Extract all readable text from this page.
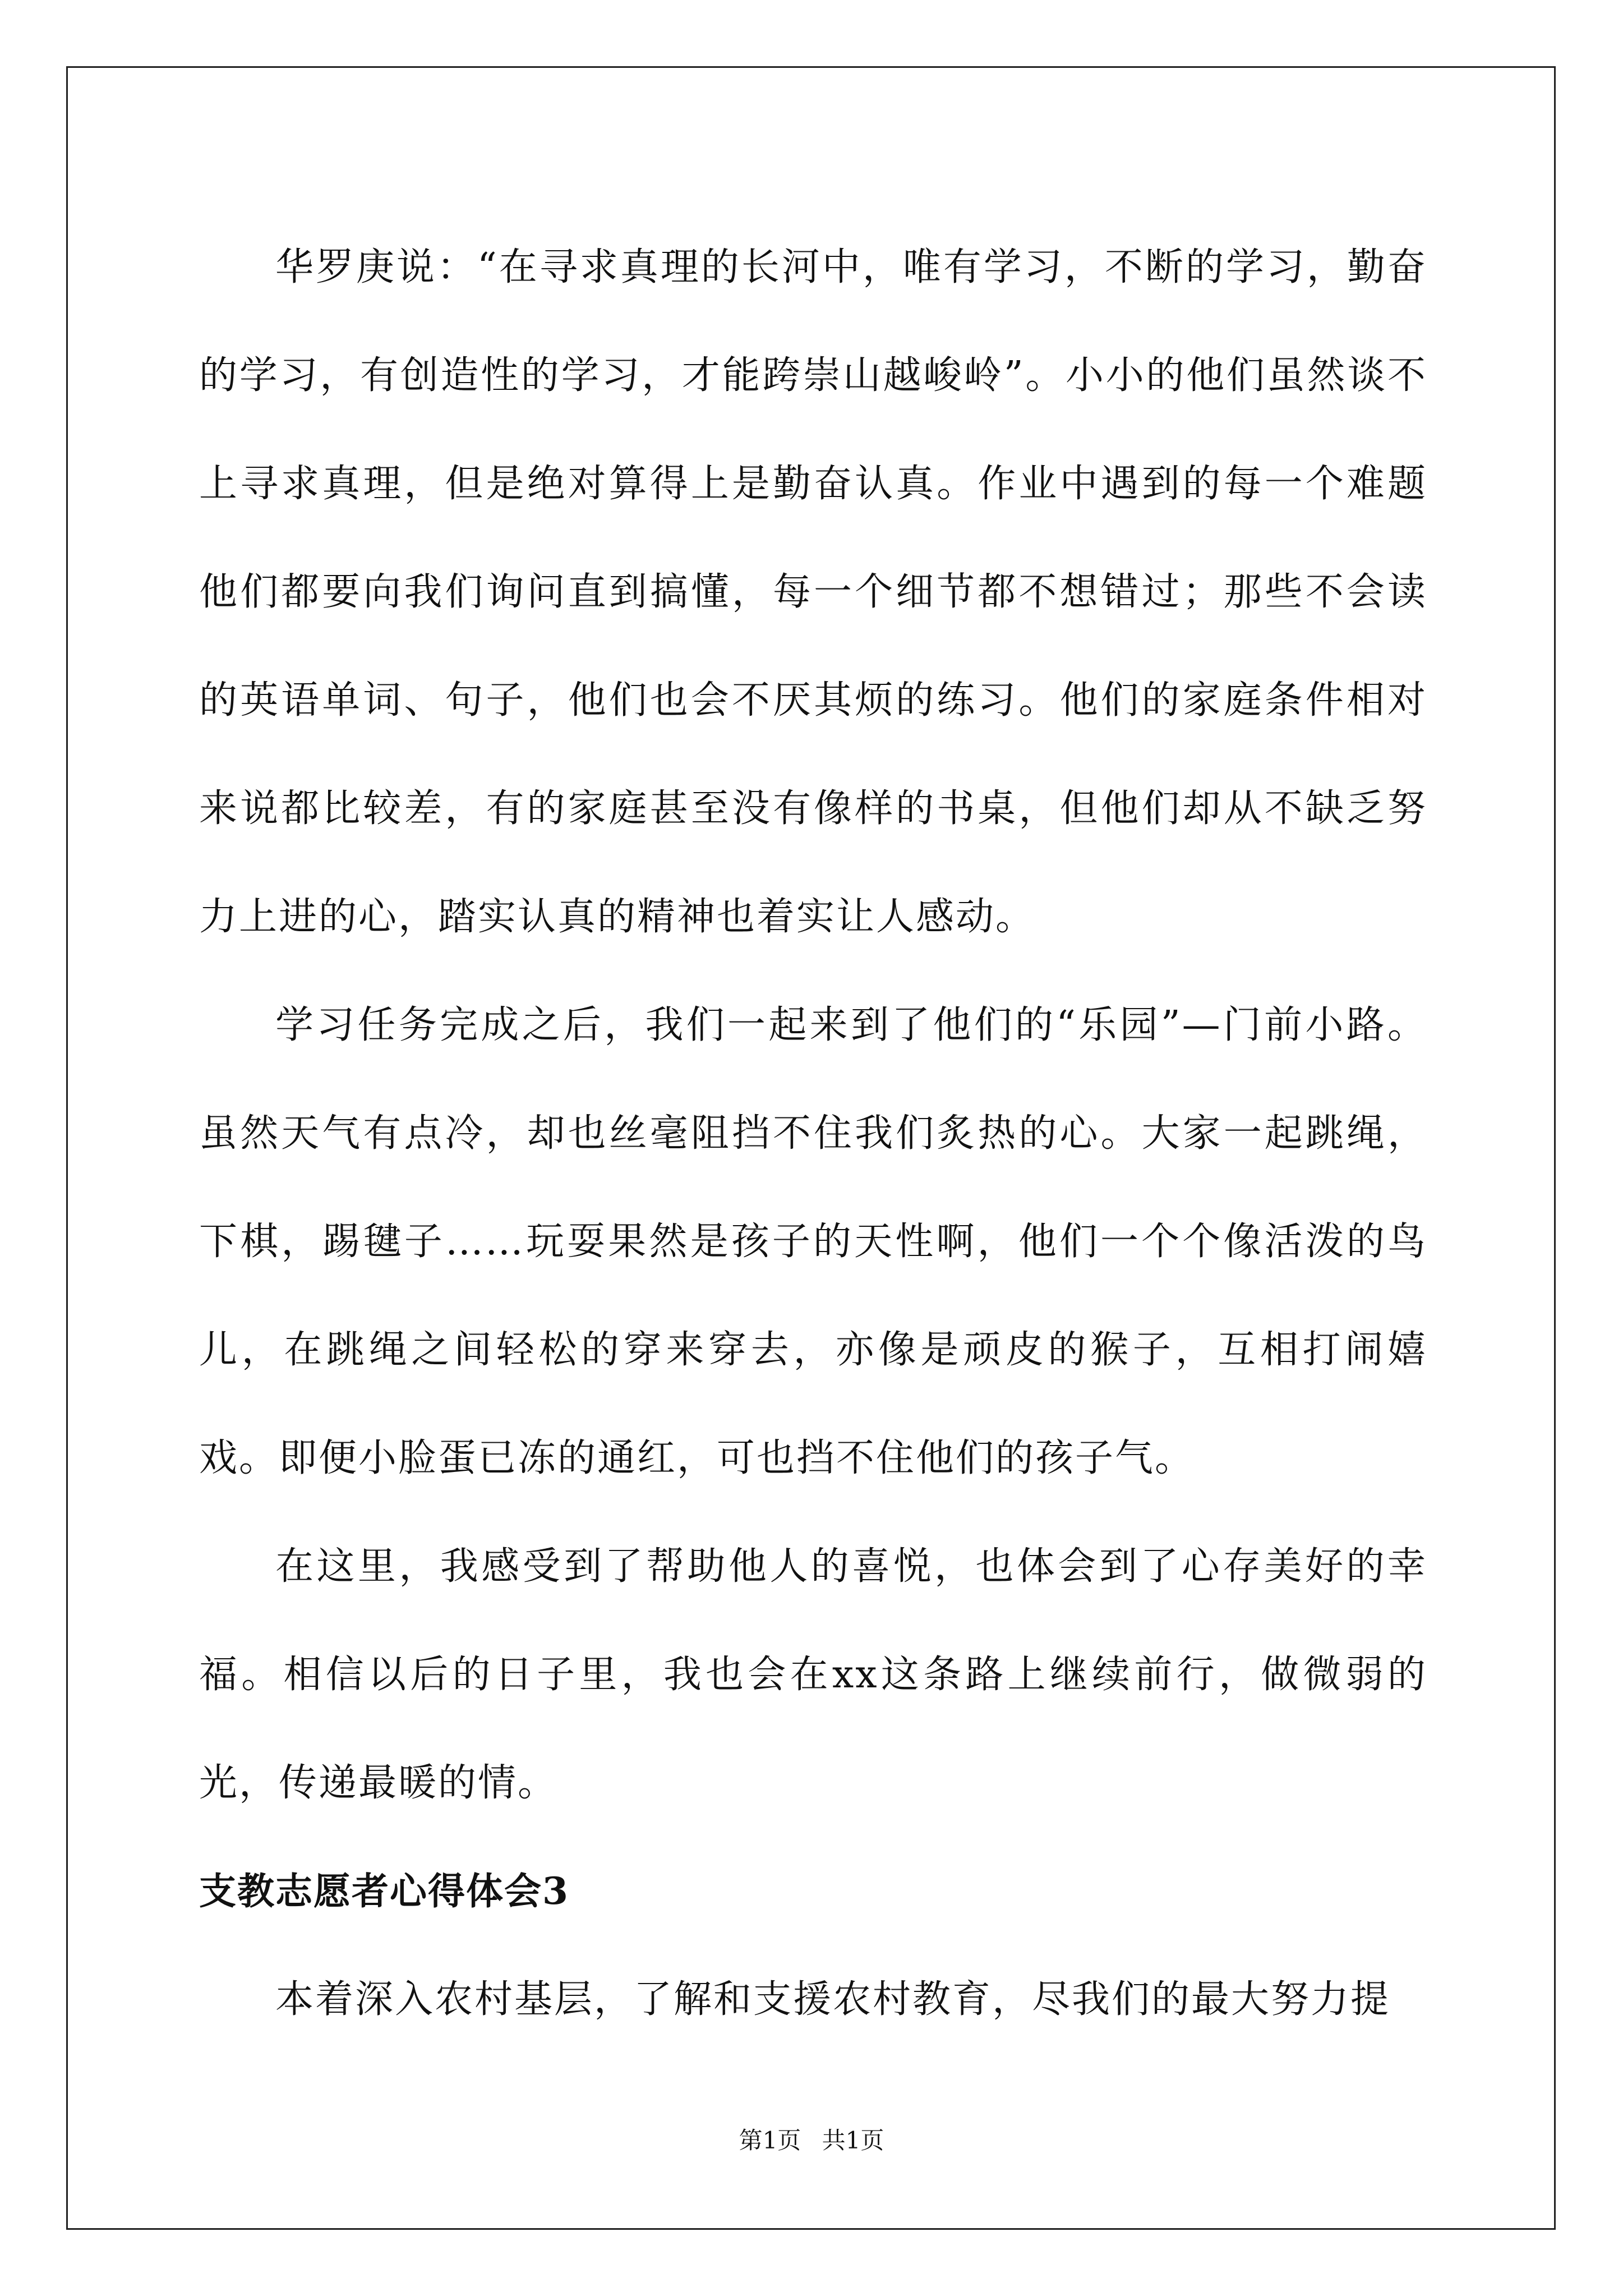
华罗庚说：“在寻求真理的长河中，唯有学习，不断的学习，勤奋的学习，有创造性的学习，才能跨崇山越峻岭”。小小的他们虽然谈不上寻求真理，但是绝对算得上是勤奋认真。作业中遇到的每一个难题他们都要向我们询问直到搞懂，每一个细节都不想错过；那些不会读的英语单词、句子，他们也会不厌其烦的练习。他们的家庭条件相对来说都比较差，有的家庭甚至没有像样的书桌，但他们却从不缺乏努力上进的心，踏实认真的精神也着实让人感动。

学习任务完成之后，我们一起来到了他们的“乐园”—门前小路。虽然天气有点冷，却也丝毫阻挡不住我们炙热的心。大家一起跳绳，下棋，踢毽子……玩耍果然是孩子的天性啊，他们一个个像活泼的鸟儿，在跳绳之间轻松的穿来穿去，亦像是顽皮的猴子，互相打闹嬉戏。即便小脸蛋已冻的通红，可也挡不住他们的孩子气。

在这里，我感受到了帮助他人的喜悦，也体会到了心存美好的幸福。相信以后的日子里，我也会在xx这条路上继续前行，做微弱的光，传递最暖的情。

支教志愿者心得体会3

本着深入农村基层，了解和支援农村教育，尽我们的最大努力提

第1页 共1页
